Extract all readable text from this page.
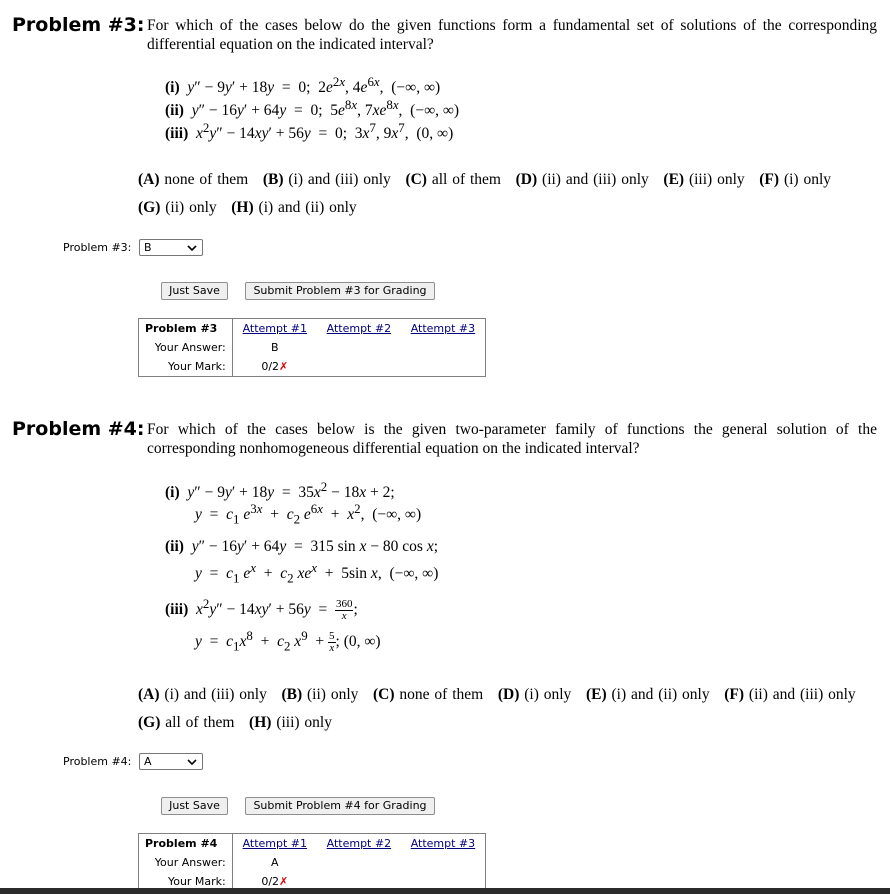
Problem #3: For which of the cases below do the given functions form a fundamental set of solutions of the corresponding differential equation on the indicated interval?
(i) y″ − 9y′ + 18y  =  0;  $2e^{2x}$, $4e^{6x}$,  (−∞, ∞)
(ii) y″ − 16y′ + 64y  =  0;  $5e^{8x}$, $7xe^{8x}$,  (−∞, ∞)
(iii) $x^2y'' - 14xy' + 56y = 0$;  $3x^7$, $9x^7$,  (0, ∞)
(A) none of them (B) (i) and (iii) only (C) all of them (D) (ii) and (iii) only (E) (iii) only (F) (i) only
(G) (ii) only (H) (i) and (ii) only
Problem #3:	B
Just Save	Submit Problem #3 for Grading
Problem #3	Attempt #1	Attempt #2	Attempt #3
Your Answer:	B		
Your Mark:	0/2✗		
Problem #4: For which of the cases below is the given two-parameter family of functions the general solution of the corresponding nonhomogeneous differential equation on the indicated interval?
(i) $y'' - 9y' + 18y = 35x^2 - 18x + 2$;
$y = c_1$ $e^{3x} + c_2$ $e^{6x} + x^2$,  (−∞, ∞)
(ii) y″ − 16y′ + 64y  =  315 sin x − 80 cos x;
$y = c_1$ $e^x + c_2$ $xe^x + 5\sin$ x,  (−∞, ∞)
(iii) $x^2y'' - 14xy' + 56y = \frac{360}{x}$ ;
$y = c_1x^8 + c_2$ $x^9 + \frac{5}{x}$ ; (0, ∞)
(A) (i) and (iii) only (B) (ii) only (C) none of them (D) (i) only (E) (i) and (ii) only (F) (ii) and (iii) only
(G) all of them (H) (iii) only
Problem #4:	A
Just Save	Submit Problem #4 for Grading
Problem #4	Attempt #1	Attempt #2	Attempt #3
Your Answer:	A		
Your Mark:	0/2✗		
